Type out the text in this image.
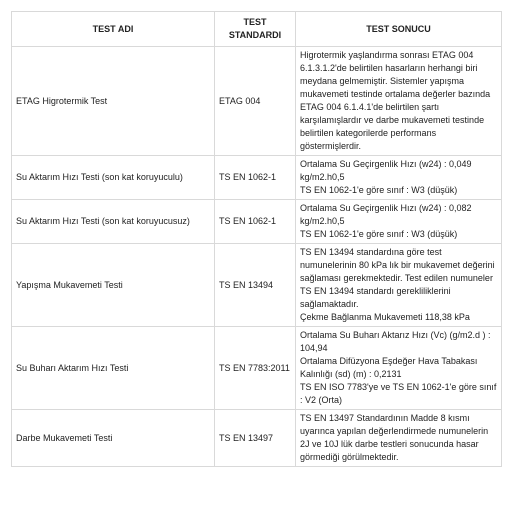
TEST ADI	TEST STANDARDI	TEST SONUCU
ETAG Higrotermik Test	ETAG 004	Higrotermik yaşlandırma sonrası ETAG 004 6.1.3.1.2'de belirtilen hasarların herhangi biri meydana gelmemiştir. Sistemler yapışma mukavemeti testinde ortalama değerler bazında ETAG 004 6.1.4.1'de belirtilen şartı karşılamışlardır ve darbe mukavemeti testinde belirtilen kategorilerde performans göstermişlerdir.

Su Aktarım Hızı Testi (son kat koruyuculu)	TS EN 1062-1	Ortalama Su Geçirgenlik Hızı (w24) : 0,049 kg/m2.h0,5
TS EN 1062-1'e göre sınıf : W3 (düşük)

Su Aktarım Hızı Testi (son kat koruyucusuz)	TS EN 1062-1	Ortalama Su Geçirgenlik Hızı (w24) : 0,082 kg/m2.h0,5
TS EN 1062-1'e göre sınıf : W3 (düşük)

Yapışma Mukavemeti Testi	TS EN 13494	TS EN 13494 standardına göre test numunelerinin 80 kPa lık bir mukavemet değerini sağlaması gerekmektedir. Test edilen numuneler TS EN 13494 standardı gerekliliklerini sağlamaktadır.
Çekme Bağlanma Mukavemeti 118,38 kPa

Su Buharı Aktarım Hızı Testi	TS EN 7783:2011	Ortalama Su Buharı Aktarız Hızı (Vc) (g/m2.d ) : 104,94
Ortalama Difüzyona Eşdeğer Hava Tabakası Kalınlığı (sd) (m) : 0,2131
TS EN ISO 7783'ye ve TS EN 1062-1'e göre sınıf : V2 (Orta)

Darbe Mukavemeti Testi	TS EN 13497	TS EN 13497 Standardının Madde 8 kısmı uyarınca yapılan değerlendirmede numunelerin 2J ve 10J lük darbe testleri sonucunda hasar görmediği görülmektedir.
